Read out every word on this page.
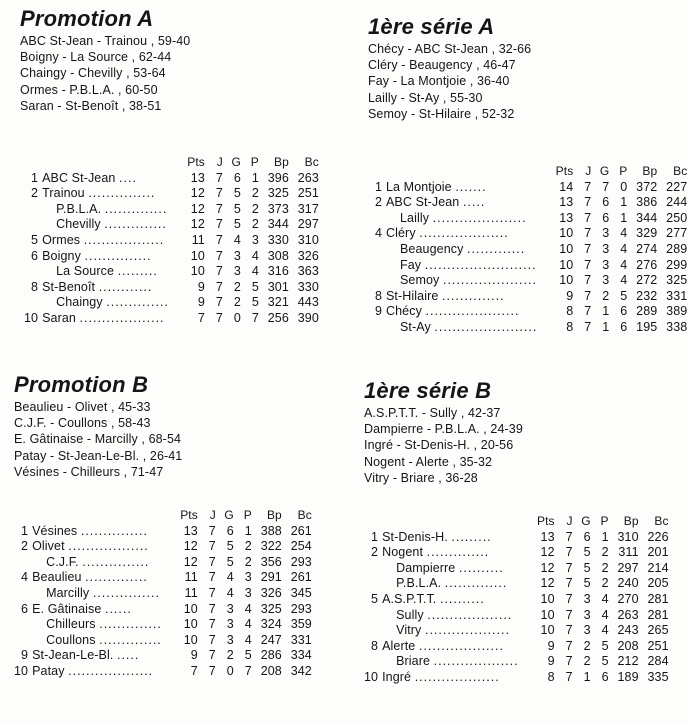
Promotion A
ABC St-Jean - Trainou , 59-40
Boigny - La Source , 62-44
Chaingy - Chevilly , 53-64
Ormes - P.B.L.A. , 60-50
Saran - St-Benoît , 38-51
		Pts	J	G	P	Bp	Bc
1	ABC St-Jean ....	13	7	6	1	396	263
2	Trainou ...............	12	7	5	2	325	251
	P.B.L.A. ..............	12	7	5	2	373	317
	Chevilly ..............	12	7	5	2	344	297
5	Ormes ..................	11	7	4	3	330	310
6	Boigny ...............	10	7	3	4	308	326
	La Source .........	10	7	3	4	316	363
8	St-Benoît ............	9	7	2	5	301	330
	Chaingy ..............	9	7	2	5	321	443
10	Saran ...................	7	7	0	7	256	390
1ère série A
Chécy - ABC St-Jean , 32-66
Cléry - Beaugency , 46-47
Fay - La Montjoie , 36-40
Lailly - St-Ay , 55-30
Semoy - St-Hilaire , 52-32
		Pts	J	G	P	Bp	Bc
1	La Montjoie .......	14	7	7	0	372	227
2	ABC St-Jean .....	13	7	6	1	386	244
	Lailly .....................	13	7	6	1	344	250
4	Cléry ....................	10	7	3	4	329	277
	Beaugency .............	10	7	3	4	274	289
	Fay .........................	10	7	3	4	276	299
	Semoy .....................	10	7	3	4	272	325
8	St-Hilaire ..............	9	7	2	5	232	331
9	Chécy .....................	8	7	1	6	289	389
	St-Ay .......................	8	7	1	6	195	338
Promotion B
Beaulieu - Olivet , 45-33
C.J.F. - Coullons , 58-43
E. Gâtinaise - Marcilly , 68-54
Patay - St-Jean-Le-Bl. , 26-41
Vésines - Chilleurs , 71-47
		Pts	J	G	P	Bp	Bc
1	Vésines ...............	13	7	6	1	388	261
2	Olivet ..................	12	7	5	2	322	254
	C.J.F. ...............	12	7	5	2	356	293
4	Beaulieu ..............	11	7	4	3	291	261
	Marcilly ...............	11	7	4	3	326	345
6	E. Gâtinaise ......	10	7	3	4	325	293
	Chilleurs ..............	10	7	3	4	324	359
	Coullons ..............	10	7	3	4	247	331
9	St-Jean-Le-Bl. .....	9	7	2	5	286	334
10	Patay ...................	7	7	0	7	208	342
1ère série B
A.S.P.T.T. - Sully , 42-37
Dampierre - P.B.L.A. , 24-39
Ingré - St-Denis-H. , 20-56
Nogent - Alerte , 35-32
Vitry - Briare , 36-28
		Pts	J	G	P	Bp	Bc
1	St-Denis-H. .........	13	7	6	1	310	226
2	Nogent ..............	12	7	5	2	311	201
	Dampierre ..........	12	7	5	2	297	214
	P.B.L.A. ..............	12	7	5	2	240	205
5	A.S.P.T.T. ..........	10	7	3	4	270	281
	Sully ...................	10	7	3	4	263	281
	Vitry ...................	10	7	3	4	243	265
8	Alerte ...................	9	7	2	5	208	251
	Briare ...................	9	7	2	5	212	284
10	Ingré ...................	8	7	1	6	189	335
